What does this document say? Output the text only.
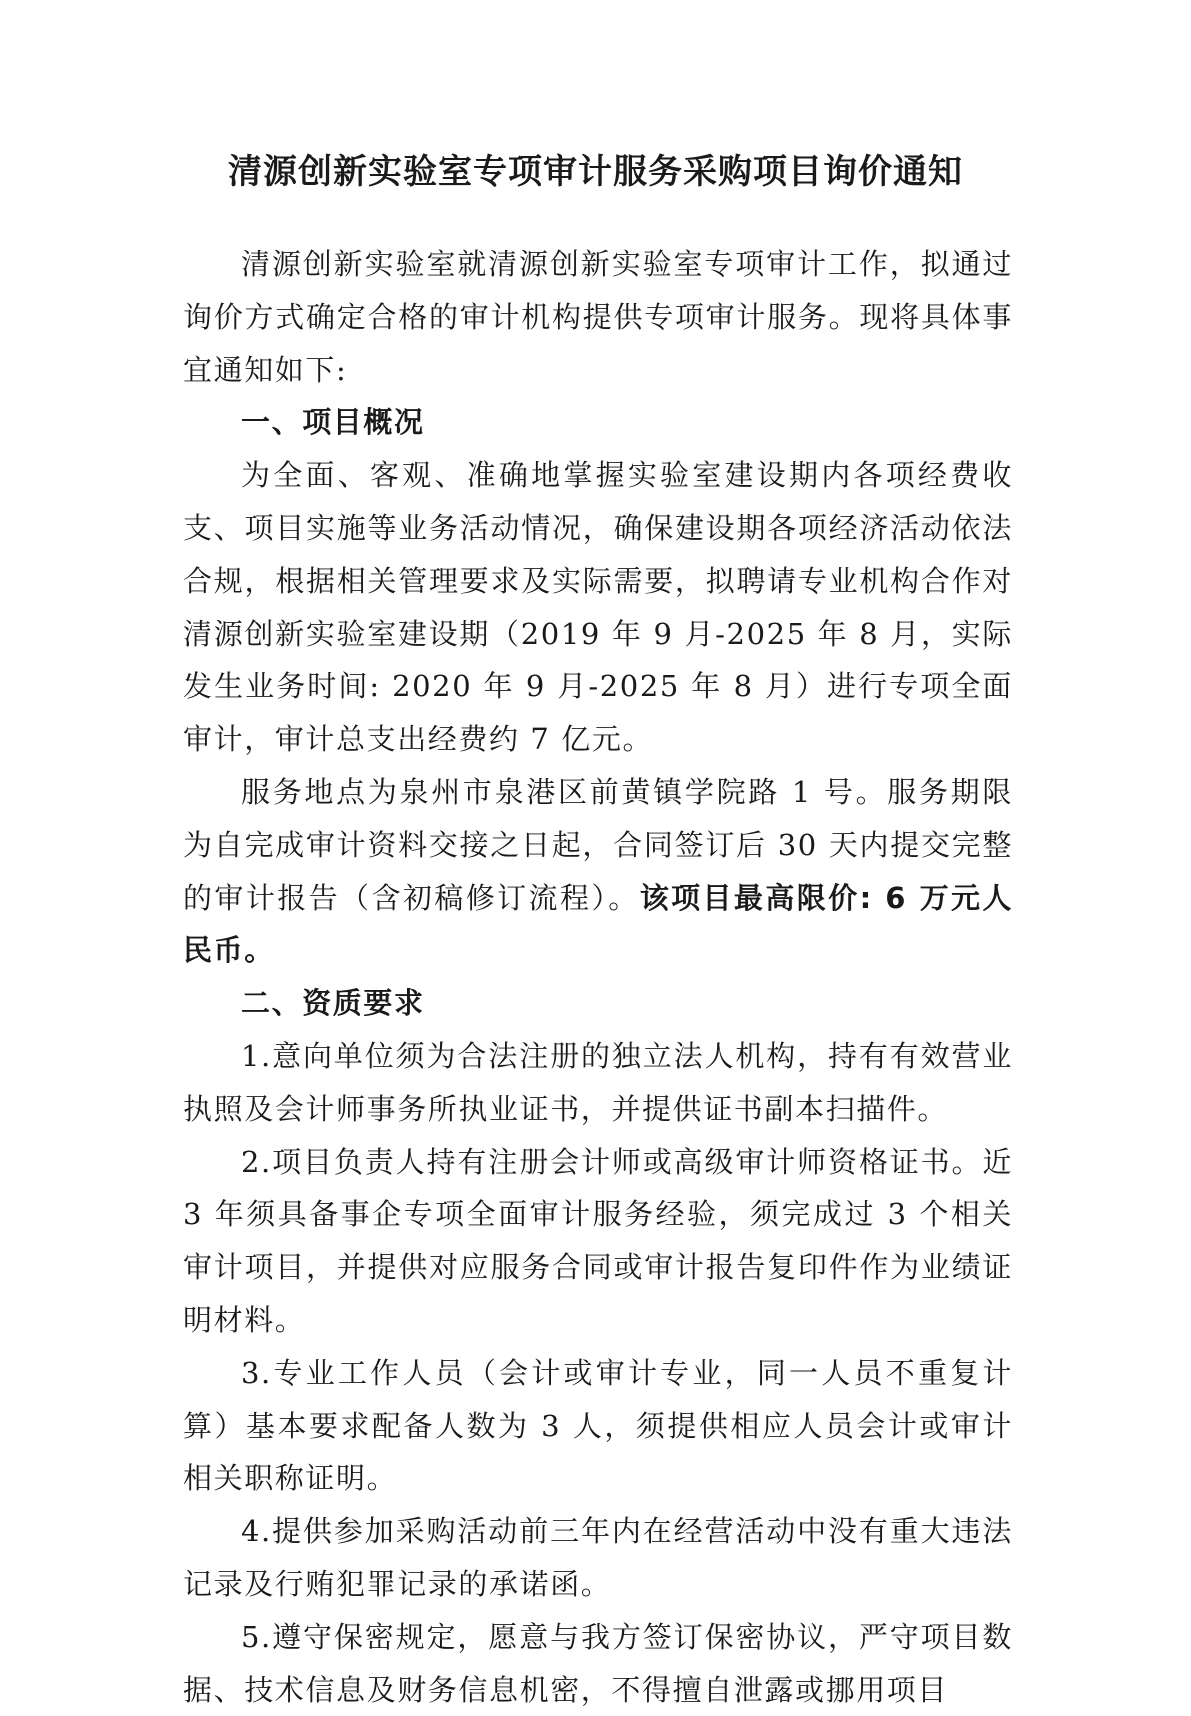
清源创新实验室专项审计服务采购项目询价通知

清源创新实验室就清源创新实验室专项审计工作，拟通过询价方式确定合格的审计机构提供专项审计服务。现将具体事宜通知如下:

一、项目概况

为全面、客观、准确地掌握实验室建设期内各项经费收支、项目实施等业务活动情况，确保建设期各项经济活动依法合规，根据相关管理要求及实际需要，拟聘请专业机构合作对清源创新实验室建设期（2019 年 9 月-2025 年 8 月，实际发生业务时间: 2020 年 9 月-2025 年 8 月）进行专项全面审计，审计总支出经费约 7 亿元。

服务地点为泉州市泉港区前黄镇学院路 1 号。服务期限为自完成审计资料交接之日起，合同签订后 30 天内提交完整的审计报告（含初稿修订流程）。该项目最高限价: 6 万元人民币。

二、资质要求

1.意向单位须为合法注册的独立法人机构，持有有效营业执照及会计师事务所执业证书，并提供证书副本扫描件。

2.项目负责人持有注册会计师或高级审计师资格证书。近 3 年须具备事企专项全面审计服务经验，须完成过 3 个相关审计项目，并提供对应服务合同或审计报告复印件作为业绩证明材料。

3.专业工作人员（会计或审计专业，同一人员不重复计算）基本要求配备人数为 3 人，须提供相应人员会计或审计相关职称证明。

4.提供参加采购活动前三年内在经营活动中没有重大违法记录及行贿犯罪记录的承诺函。

5.遵守保密规定，愿意与我方签订保密协议，严守项目数据、技术信息及财务信息机密，不得擅自泄露或挪用项目
